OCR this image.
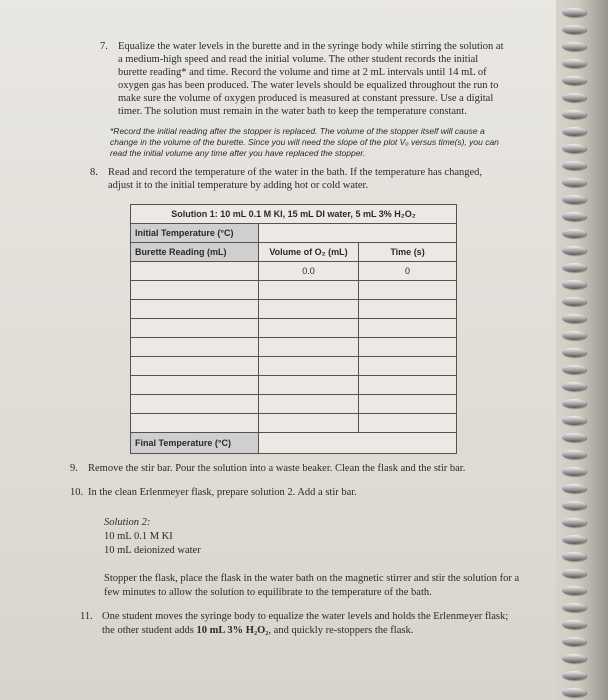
7. Equalize the water levels in the burette and in the syringe body while stirring the solution at a medium-high speed and read the initial volume. The other student records the initial burette reading* and time. Record the volume and time at 2 mL intervals until 14 mL of oxygen gas has been produced. The water levels should be equalized throughout the run to make sure the volume of oxygen produced is measured at constant pressure. Use a digital timer. The solution must remain in the water bath to keep the temperature constant.
*Record the initial reading after the stopper is replaced. The volume of the stopper itself will cause a change in the volume of the burette. Since you will need the slope of the plot Vₒ versus time(s), you can read the initial volume any time after you have replaced the stopper.
8. Read and record the temperature of the water in the bath. If the temperature has changed, adjust it to the initial temperature by adding hot or cold water.
Solution 1: 10 mL 0.1 M KI, 15 mL DI water, 5 mL 3% H₂O₂		
Initial Temperature (°C)		
Burette Reading (mL)	Volume of O₂ (mL)	Time (s)
	0.0	0

Final Temperature (°C)		
9. Remove the stir bar. Pour the solution into a waste beaker. Clean the flask and the stir bar.
10. In the clean Erlenmeyer flask, prepare solution 2. Add a stir bar.
Solution 2:
10 mL 0.1 M KI
10 mL deionized water
Stopper the flask, place the flask in the water bath on the magnetic stirrer and stir the solution for a few minutes to allow the solution to equilibrate to the temperature of the bath.
11. One student moves the syringe body to equalize the water levels and holds the Erlenmeyer flask; the other student adds 10 mL 3% H₂O₂, and quickly re-stoppers the flask.
